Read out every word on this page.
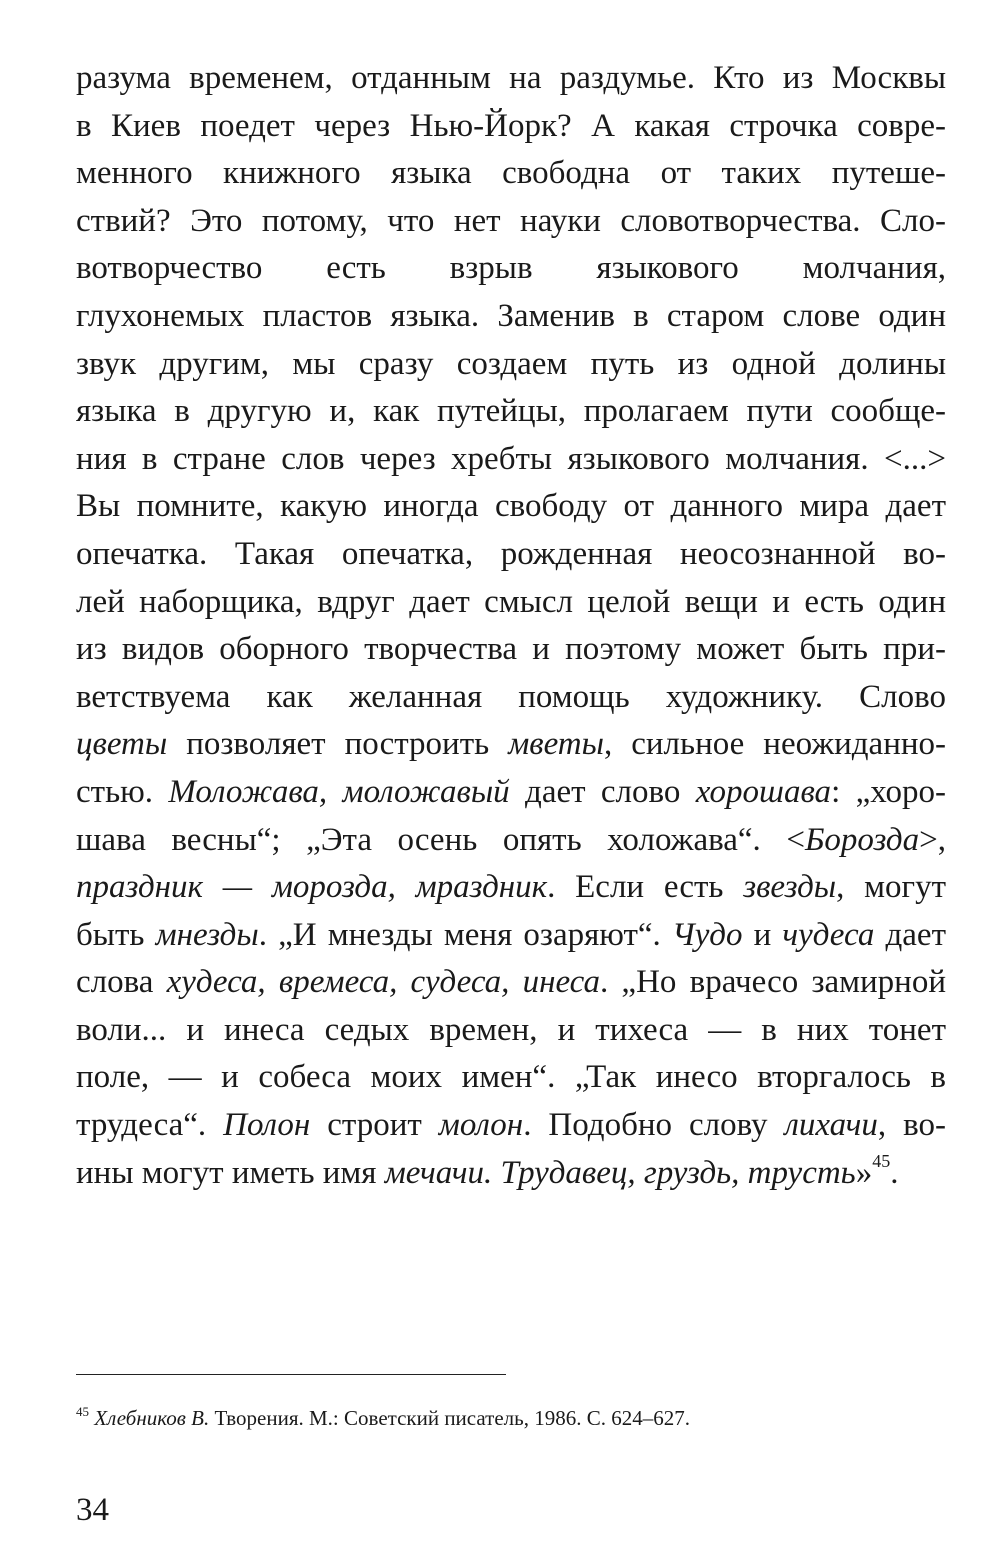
разума временем, отданным на раздумье. Кто из Москвы
в Киев поедет через Нью-Йорк? А какая строчка совре-
менного книжного языка свободна от таких путеше-
ствий? Это потому, что нет науки словотворчества. Сло-
вотворчество есть взрыв языкового молчания,
глухонемых пластов языка. Заменив в старом слове один
звук другим, мы сразу создаем путь из одной долины
языка в другую и, как путейцы, пролагаем пути сообще-
ния в стране слов через хребты языкового молчания. <...>
Вы помните, какую иногда свободу от данного мира дает
опечатка. Такая опечатка, рожденная неосознанной во-
лей наборщика, вдруг дает смысл целой вещи и есть один
из видов оборного творчества и поэтому может быть при-
ветствуема как желанная помощь художнику. Слово
цветы позволяет построить мветы, сильное неожиданно-
стью. Моложава, моложавый дает слово хорошава: „хоро-
шава весны“; „Эта осень опять холожава“. <Борозда>,
праздник — морозда, мраздник. Если есть звезды, могут
быть мнезды. „И мнезды меня озаряют“. Чудо и чудеса дает
слова худеса, времеса, судеса, инеса. „Но врачесо замирной
воли... и инеса седых времен, и тихеса — в них тонет
поле, — и собеса моих имен“. „Так инесо вторгалось в
трудеса“. Полон строит молон. Подобно слову лихачи, во-
ины могут иметь имя мечачи. Трудавец, груздь, трусть»$^{45}$.
$^{45}$ Хлебников В. Творения. М.: Советский писатель, 1986. С. 624–627.
34
